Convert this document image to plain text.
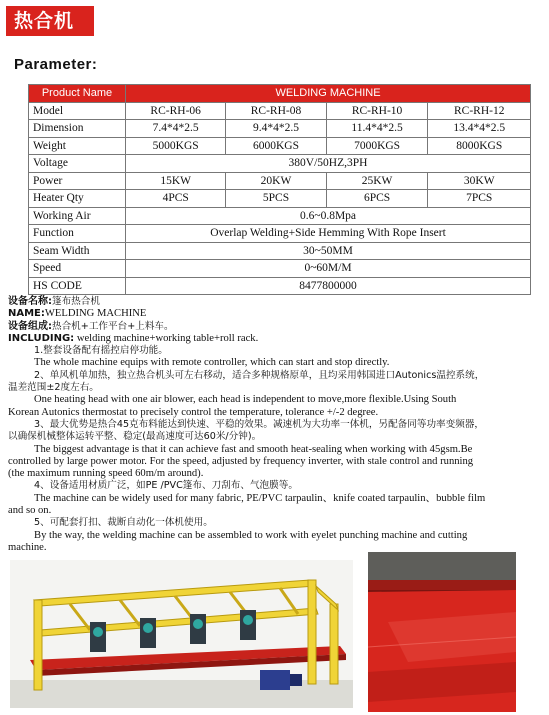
热合机
Parameter:
Product Name	WELDING MACHINE			
Model	RC-RH-06	RC-RH-08	RC-RH-10	RC-RH-12
Dimension	7.4*4*2.5	9.4*4*2.5	11.4*4*2.5	13.4*4*2.5
Weight	5000KGS	6000KGS	7000KGS	8000KGS
Voltage	380V/50HZ,3PH			
Power	15KW	20KW	25KW	30KW
Heater Qty	4PCS	5PCS	6PCS	7PCS
Working Air	0.6~0.8Mpa			
Function	Overlap Welding+Side Hemming With Rope Insert			
Seam Width	30~50MM			
Speed	0~60M/M			
HS CODE	8477800000			
设备名称:篷布热合机
NAME:WELDING MACHINE
设备组成:热合机+工作平台+上料车。
INCLUDING: welding machine+working table+roll rack.
1.整套设备配有摇控启停功能。
The whole machine equips with remote controller, which can start and stop directly.
2、单风机单加热，独立热合机头可左右移动，适合多种规格原单，且均采用韩国进口Autonics温控系统，
温差范围±2度左右。
One heating head with one air blower, each head is independent to move,more flexible.Using South
Korean Autonics thermostat to precisely control the temperature, tolerance +/-2 degree.
3、最大优势是热合45克布料能达到快速、平稳的效果。减速机为大功率一体机，另配备同等功率变频器，
以确保机械整体运转平整、稳定(最高速度可达60米/分钟)。
The biggest advantage is that it can achieve fast and smooth heat-sealing when working with 45gsm.Be
controlled by large power motor. For the speed, adjusted by frequency inverter, with stale control and running
(the maximum running speed 60m/m around).
4、设备适用材质广泛，如PE /PVC篷布、刀刮布、气泡膜等。
The machine can be widely used for many fabric, PE/PVC tarpaulin、knife coated tarpaulin、bubble film
and so on.
5、可配套打扣、裁断自动化一体机使用。
By the way, the welding machine can be assembled to work with eyelet punching machine and cutting
machine.
